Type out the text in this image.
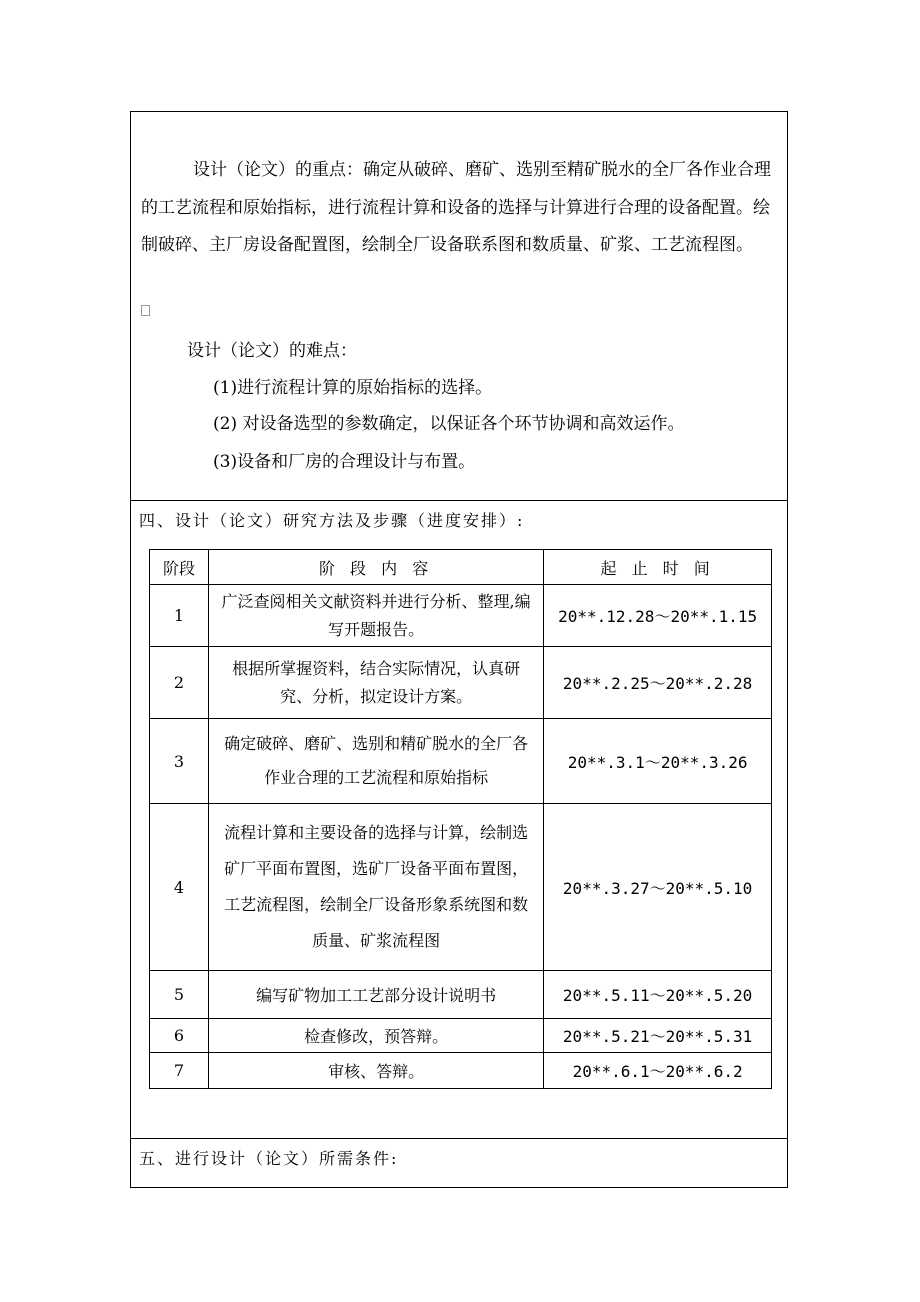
设计（论文）的重点：确定从破碎、磨矿、选别至精矿脱水的全厂各作业合理的工艺流程和原始指标，进行流程计算和设备的选择与计算进行合理的设备配置。绘制破碎、主厂房设备配置图，绘制全厂设备联系图和数质量、矿浆、工艺流程图。

设计（论文）的难点：

(1)进行流程计算的原始指标的选择。

(2) 对设备选型的参数确定，以保证各个环节协调和高效运作。

(3)设备和厂房的合理设计与布置。

四、设计（论文）研究方法及步骤（进度安排）:

阶段	阶 段 内 容	起 止 时 间
1	广泛查阅相关文献资料并进行分析、整理,编写开题报告。	20**.12.28～20**.1.15
2	根据所掌握资料，结合实际情况，认真研究、分析，拟定设计方案。	20**.2.25～20**.2.28
3	确定破碎、磨矿、选别和精矿脱水的全厂各作业合理的工艺流程和原始指标	20**.3.1～20**.3.26
4	流程计算和主要设备的选择与计算，绘制选矿厂平面布置图，选矿厂设备平面布置图，工艺流程图，绘制全厂设备形象系统图和数质量、矿浆流程图	20**.3.27～20**.5.10
5	编写矿物加工工艺部分设计说明书	20**.5.11～20**.5.20
6	检查修改，预答辩。	20**.5.21～20**.5.31
7	审核、答辩。	20**.6.1～20**.6.2

五、进行设计（论文）所需条件:
